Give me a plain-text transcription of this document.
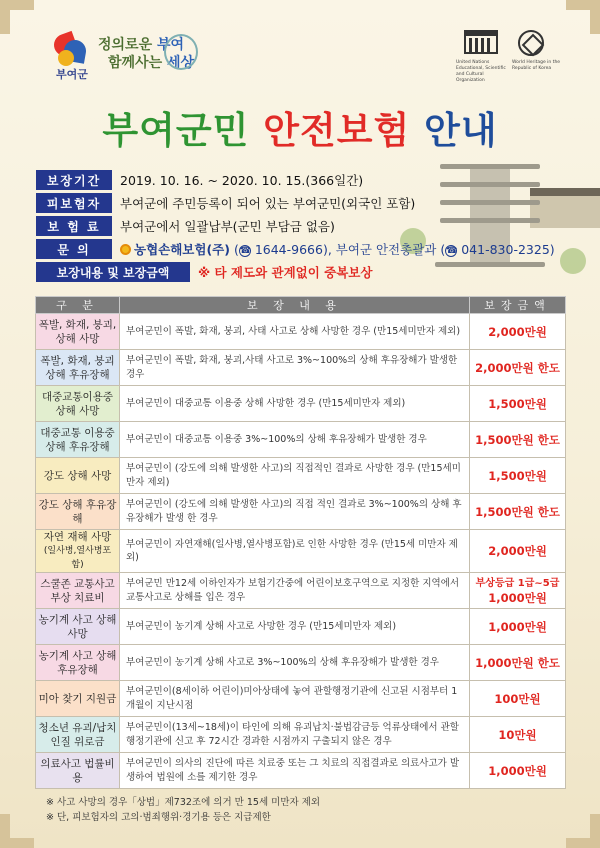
부여군
정의로운 부여
함께사는 세상	United Nations Educational, Scientific and Cultural Organization
World Heritage in the Republic of Korea
부여군민 안전보험 안내
보장기간	2019. 10. 16. ~ 2020. 10. 15.(366일간)
피보험자	부여군에 주민등록이 되어 있는 부여군민(외국인 포함)
보 험 료	부여군에서 일괄납부(군민 부담금 없음)
문 의	농협손해보험(주) (☎ 1644-9666), 부여군 안전총괄과 (☎ 041-830-2325)
보장내용 및 보장금액	※ 타 제도와 관계없이 중복보상
구 분	보 장 내 용	보장금액
폭발, 화재, 붕괴, 상해 사망	부여군민이 폭발, 화재, 붕괴, 사태 사고로 상해 사망한 경우 (만15세미만자 제외)	2,000만원
폭발, 화재, 붕괴 상해 후유장해	부여군민이 폭발, 화재, 붕괴,사태 사고로 3%~100%의 상해 후유장해가 발생한경우	2,000만원 한도
대중교통이용중 상해 사망	부여군민이 대중교통 이용중 상해 사망한 경우 (만15세미만자 제외)	1,500만원
대중교통 이용중 상해 후유장해	부여군민이 대중교통 이용중 3%~100%의 상해 후유장해가 발생한 경우	1,500만원 한도
강도 상해 사망	부여군민이 (강도에 의해 발생한 사고)의 직접적인 결과로 사망한 경우 (만15세미만자 제외)	1,500만원
강도 상해 후유장해	부여군민이 (강도에 의해 발생한 사고)의 직접 적인 결과로 3%~100%의 상해 후유장해가 발생 한 경우	1,500만원 한도

자연 재해 사망
(일사병,열사병포함)	부여군민이 자연재해(일사병,열사병포함)로 인한 사망한 경우 (만15세 미만자 제외)	2,000만원
스쿨존 교통사고 부상 치료비	부여군민 만12세 이하인자가 보험기간중에 어린이보호구역으로 지정한 지역에서 교통사고로 상해를 입은 경우	부상등급 1급~5급
1,000만원

농기계 사고 상해 사망	부여군민이 농기계 상해 사고로 사망한 경우 (만15세미만자 제외)	1,000만원
농기계 사고 상해 후유장해	부여군민이 농기계 상해 사고로 3%~100%의 상해 후유장해가 발생한 경우	1,000만원 한도
미아 찾기 지원금	부여군민이(8세이하 어린이)미아상태에 놓여 관할행정기관에 신고된 시점부터 1개월이 지난시점	100만원
청소년 유괴/납치 인질 위로금	부여군민이(13세~18세)이 타인에 의해 유괴납치·불법감금등 억류상태에서 관할행정기관에 신고 후 72시간 경과한 시점까지 구출되지 않은 경우	10만원
의료사고 법률비용	부여군민이 의사의 진단에 따른 치료중 또는 그 치료의 직접결과로 의료사고가 발생하여 법원에 소를 제기한 경우	1,000만원
※ 사고 사망의 경우「상법」제732조에 의거 만 15세 미만자 제외
※ 단, 피보험자의 고의·범죄행위·경기용 등은 지급제한
